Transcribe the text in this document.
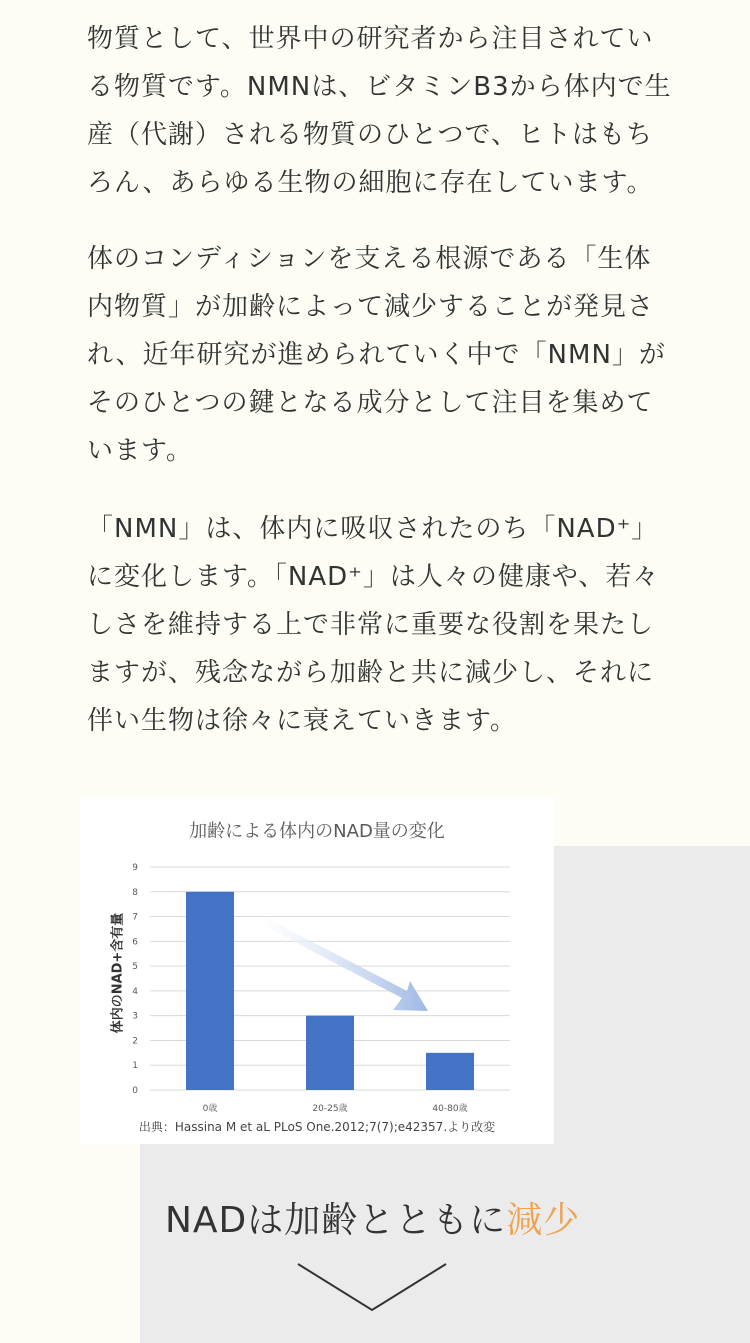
物質として、世界中の研究者から注目されている物質です。NMNは、ビタミンB3から体内で生産（代謝）される物質のひとつで、ヒトはもちろん、あらゆる生物の細胞に存在しています。

体のコンディションを支える根源である「生体内物質」が加齢によって減少することが発見され、近年研究が進められていく中で「NMN」がそのひとつの鍵となる成分として注目を集めています。

「NMN」は、体内に吸収されたのち「NAD⁺」に変化します。「NAD⁺」は人々の健康や、若々しさを維持する上で非常に重要な役割を果たしますが、残念ながら加齢と共に減少し、それに伴い生物は徐々に衰えていきます。

加齢による体内のNAD量の変化
0
1
2
3
4
5
6
7
8
9
0歳	20-25歳	40-80歳
出典：Hassina M et aL PLoS One.2012;7(7);e42357.より改変
体内のNAD+含有量
NADは加齢とともに減少
